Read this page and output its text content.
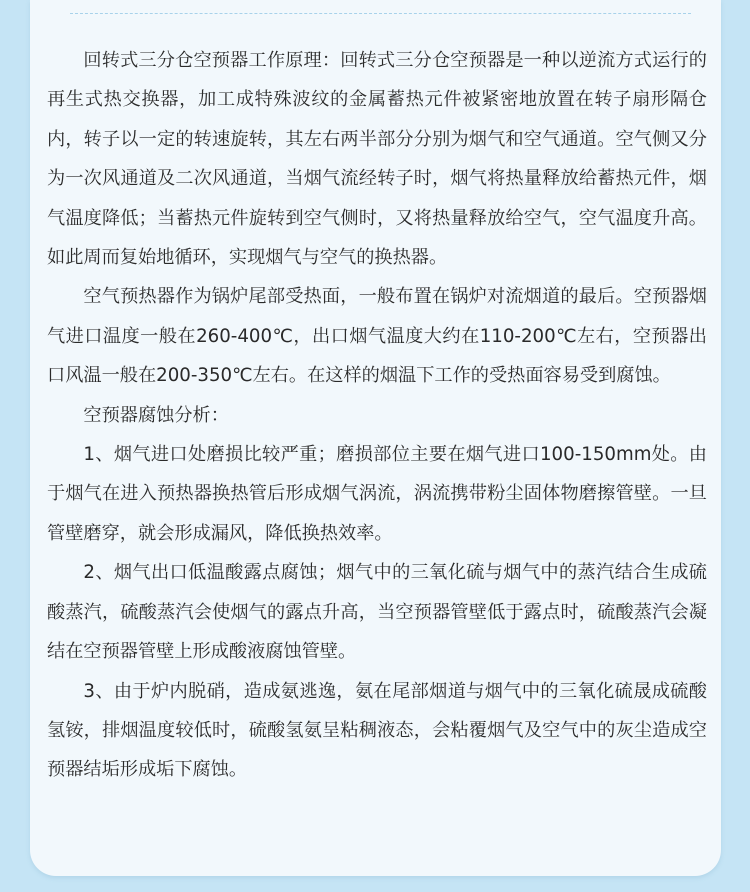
回转式三分仓空预器工作原理：回转式三分仓空预器是一种以逆流方式运行的再生式热交换器，加工成特殊波纹的金属蓄热元件被紧密地放置在转子扇形隔仓内，转子以一定的转速旋转，其左右两半部分分别为烟气和空气通道。空气侧又分为一次风通道及二次风通道，当烟气流经转子时，烟气将热量释放给蓄热元件，烟气温度降低；当蓄热元件旋转到空气侧时，又将热量释放给空气，空气温度升高。如此周而复始地循环，实现烟气与空气的换热器。

空气预热器作为锅炉尾部受热面，一般布置在锅炉对流烟道的最后。空预器烟气进口温度一般在260-400℃，出口烟气温度大约在110-200℃左右，空预器出口风温一般在200-350℃左右。在这样的烟温下工作的受热面容易受到腐蚀。

空预器腐蚀分析：

1、烟气进口处磨损比较严重；磨损部位主要在烟气进口100-150mm处。由于烟气在进入预热器换热管后形成烟气涡流，涡流携带粉尘固体物磨擦管壁。一旦管壁磨穿，就会形成漏风，降低换热效率。

2、烟气出口低温酸露点腐蚀；烟气中的三氧化硫与烟气中的蒸汽结合生成硫酸蒸汽，硫酸蒸汽会使烟气的露点升高，当空预器管壁低于露点时，硫酸蒸汽会凝结在空预器管壁上形成酸液腐蚀管壁。

3、由于炉内脱硝，造成氨逃逸，氨在尾部烟道与烟气中的三氧化硫晟成硫酸氢铵，排烟温度较低时，硫酸氢氨呈粘稠液态，会粘覆烟气及空气中的灰尘造成空预器结垢形成垢下腐蚀。
